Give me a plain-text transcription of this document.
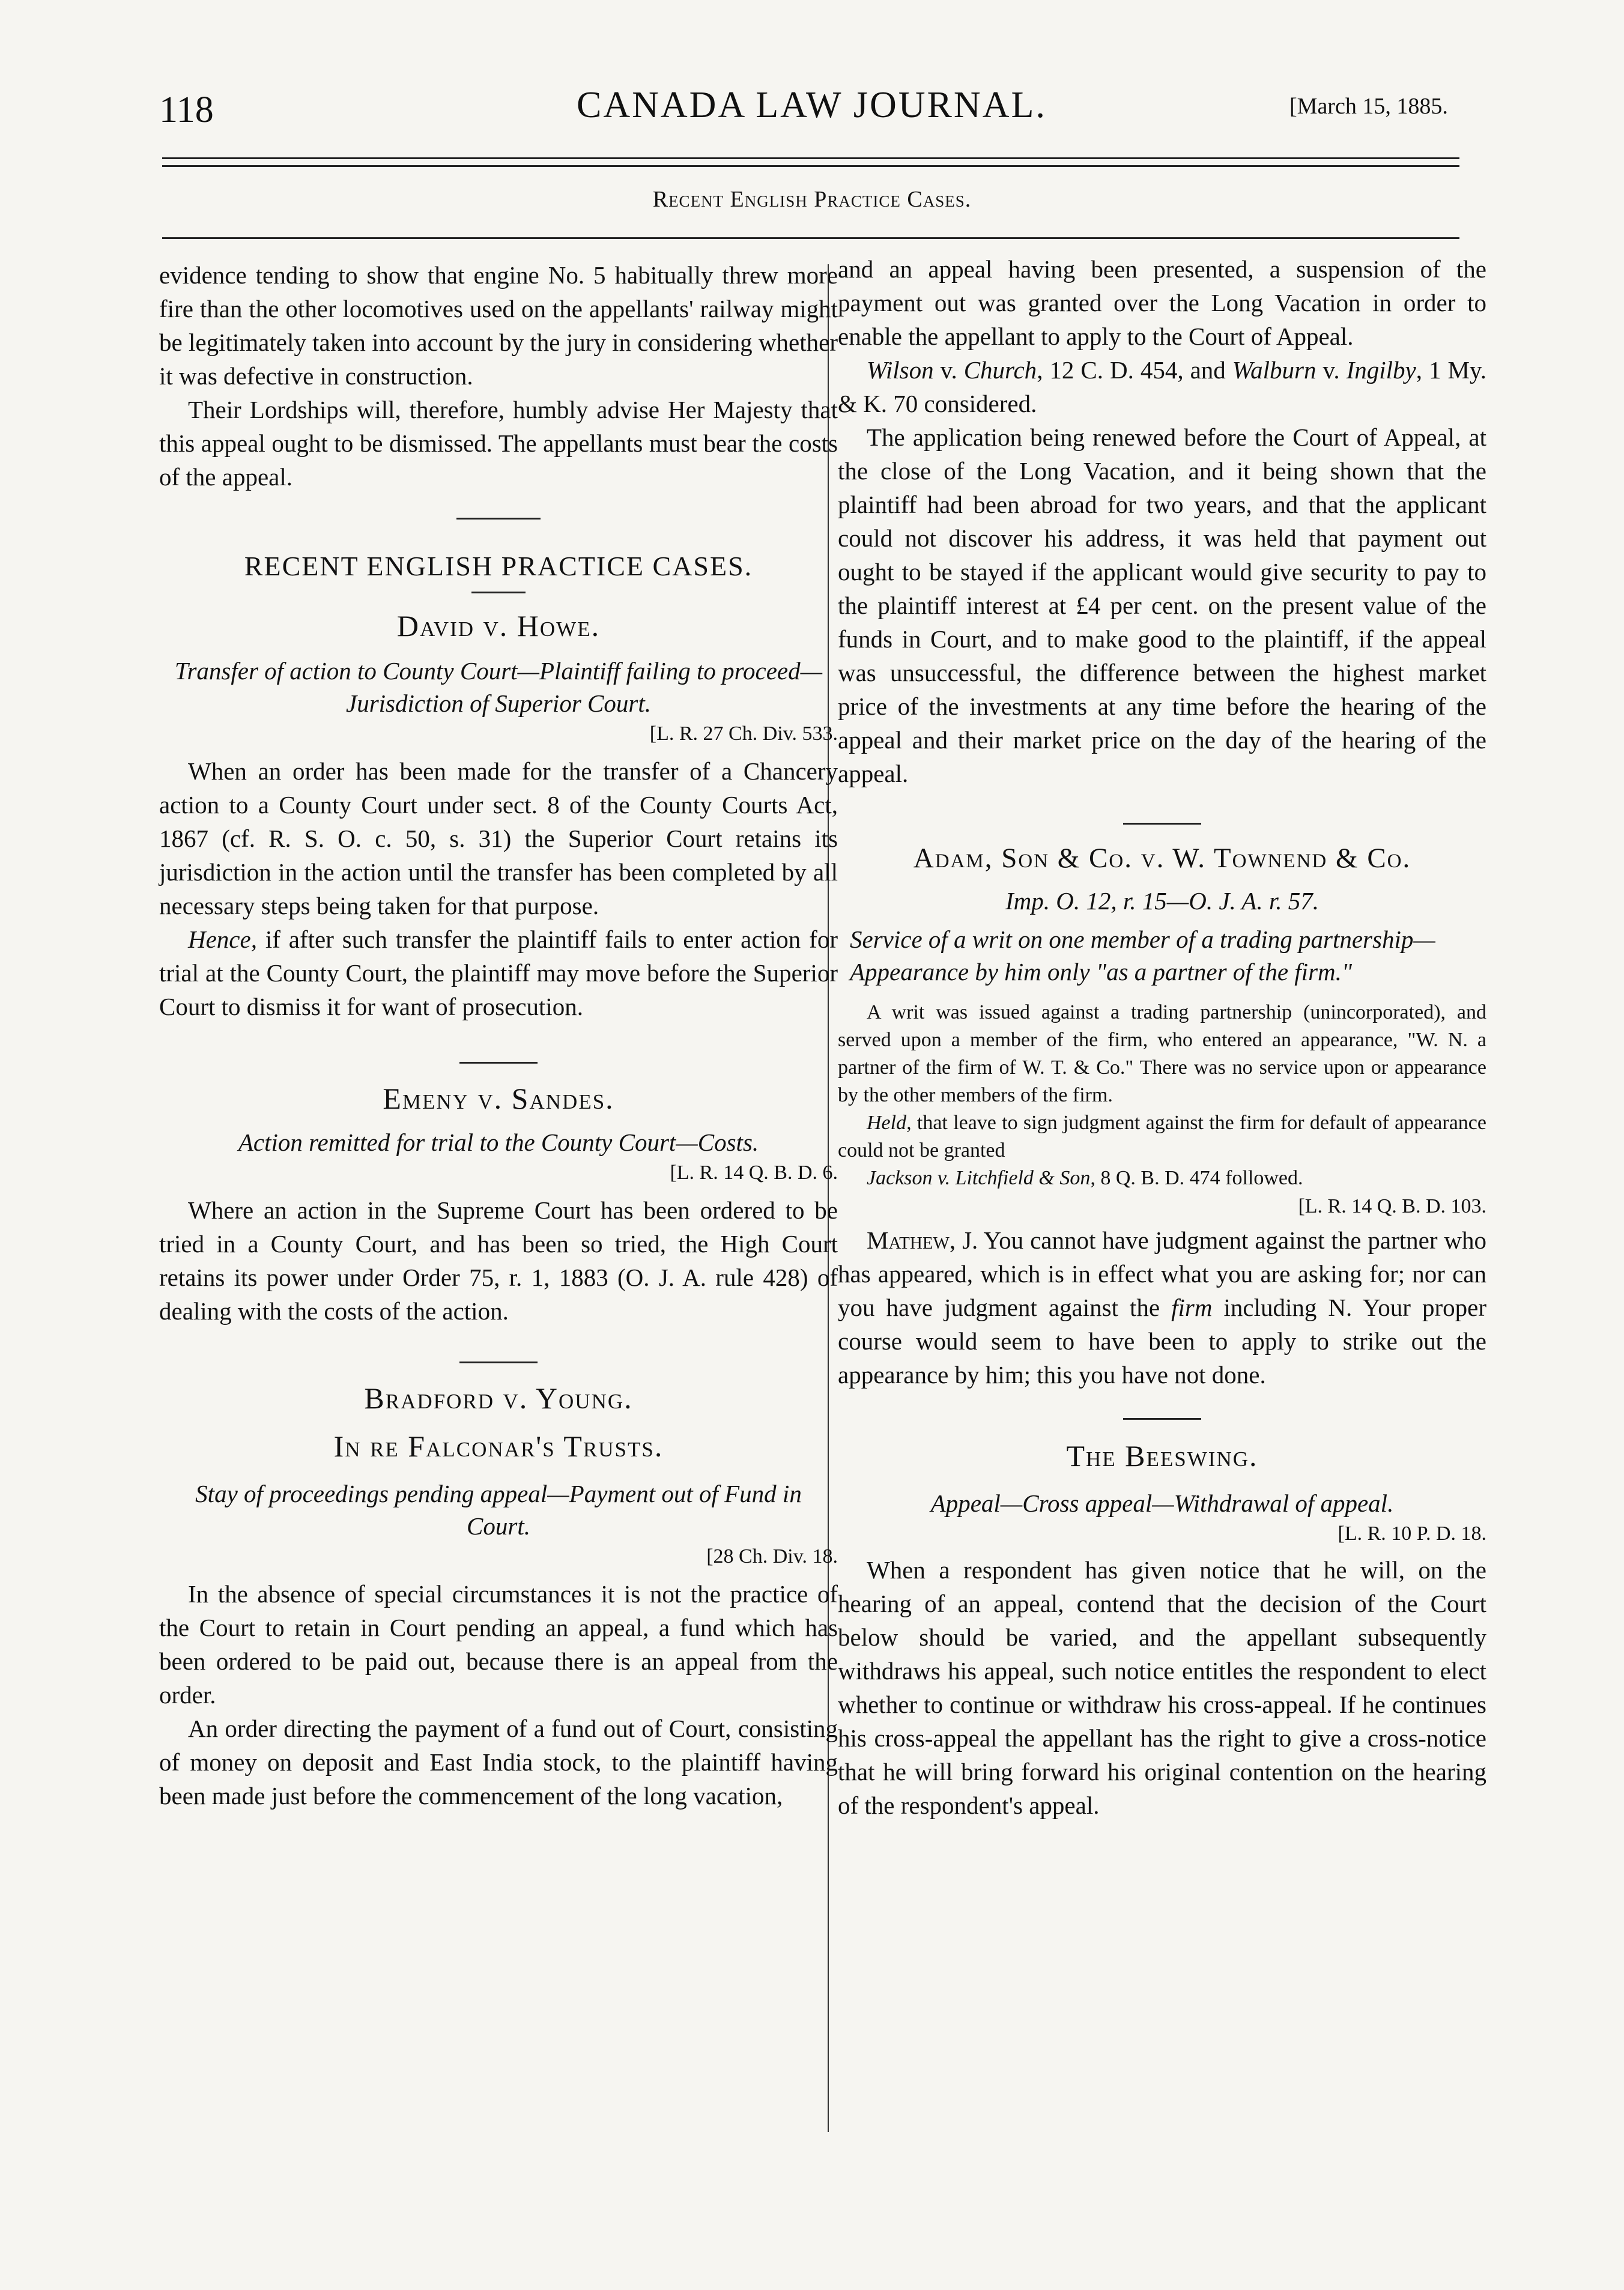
118	CANADA LAW JOURNAL.	[March 15, 1885.
Recent English Practice Cases.

evidence tending to show that engine No. 5 habitually threw more fire than the other locomotives used on the appellants' railway might be legitimately taken into account by the jury in considering whether it was defective in construction.

Their Lordships will, therefore, humbly advise Her Majesty that this appeal ought to be dismissed. The appellants must bear the costs of the appeal.

RECENT ENGLISH PRACTICE CASES.

David v. Howe.

Transfer of action to County Court—Plaintiff failing to proceed—Jurisdiction of Superior Court.

[L. R. 27 Ch. Div. 533.

When an order has been made for the transfer of a Chancery action to a County Court under sect. 8 of the County Courts Act, 1867 (cf. R. S. O. c. 50, s. 31) the Superior Court retains its jurisdiction in the action until the transfer has been completed by all necessary steps being taken for that purpose.

Hence, if after such transfer the plaintiff fails to enter action for trial at the County Court, the plaintiff may move before the Superior Court to dismiss it for want of prosecution.

Emeny v. Sandes.

Action remitted for trial to the County Court—Costs.

[L. R. 14 Q. B. D. 6.

Where an action in the Supreme Court has been ordered to be tried in a County Court, and has been so tried, the High Court retains its power under Order 75, r. 1, 1883 (O. J. A. rule 428) of dealing with the costs of the action.

Bradford v. Young.

In re Falconar's Trusts.

Stay of proceedings pending appeal—Payment out of Fund in Court.

[28 Ch. Div. 18.

In the absence of special circumstances it is not the practice of the Court to retain in Court pending an appeal, a fund which has been ordered to be paid out, because there is an appeal from the order.

An order directing the payment of a fund out of Court, consisting of money on deposit and East India stock, to the plaintiff having been made just before the commencement of the long vacation,

and an appeal having been presented, a suspension of the payment out was granted over the Long Vacation in order to enable the appellant to apply to the Court of Appeal.

Wilson v. Church, 12 C. D. 454, and Walburn v. Ingilby, 1 My. & K. 70 considered.

The application being renewed before the Court of Appeal, at the close of the Long Vacation, and it being shown that the plaintiff had been abroad for two years, and that the applicant could not discover his address, it was held that payment out ought to be stayed if the applicant would give security to pay to the plaintiff interest at £4 per cent. on the present value of the funds in Court, and to make good to the plaintiff, if the appeal was unsuccessful, the difference between the highest market price of the investments at any time before the hearing of the appeal and their market price on the day of the hearing of the appeal.

Adam, Son & Co. v. W. Townend & Co.

Imp. O. 12, r. 15—O. J. A. r. 57.

Service of a writ on one member of a trading partnership—Appearance by him only "as a partner of the firm."

A writ was issued against a trading partnership (unincorporated), and served upon a member of the firm, who entered an appearance, "W. N. a partner of the firm of W. T. & Co." There was no service upon or appearance by the other members of the firm.

Held, that leave to sign judgment against the firm for default of appearance could not be granted

Jackson v. Litchfield & Son, 8 Q. B. D. 474 followed.

[L. R. 14 Q. B. D. 103.

Mathew, J. You cannot have judgment against the partner who has appeared, which is in effect what you are asking for; nor can you have judgment against the firm including N. Your proper course would seem to have been to apply to strike out the appearance by him; this you have not done.

The Beeswing.

Appeal—Cross appeal—Withdrawal of appeal.

[L. R. 10 P. D. 18.

When a respondent has given notice that he will, on the hearing of an appeal, contend that the decision of the Court below should be varied, and the appellant subsequently withdraws his appeal, such notice entitles the respondent to elect whether to continue or withdraw his cross-appeal. If he continues his cross-appeal the appellant has the right to give a cross-notice that he will bring forward his original contention on the hearing of the respondent's appeal.
